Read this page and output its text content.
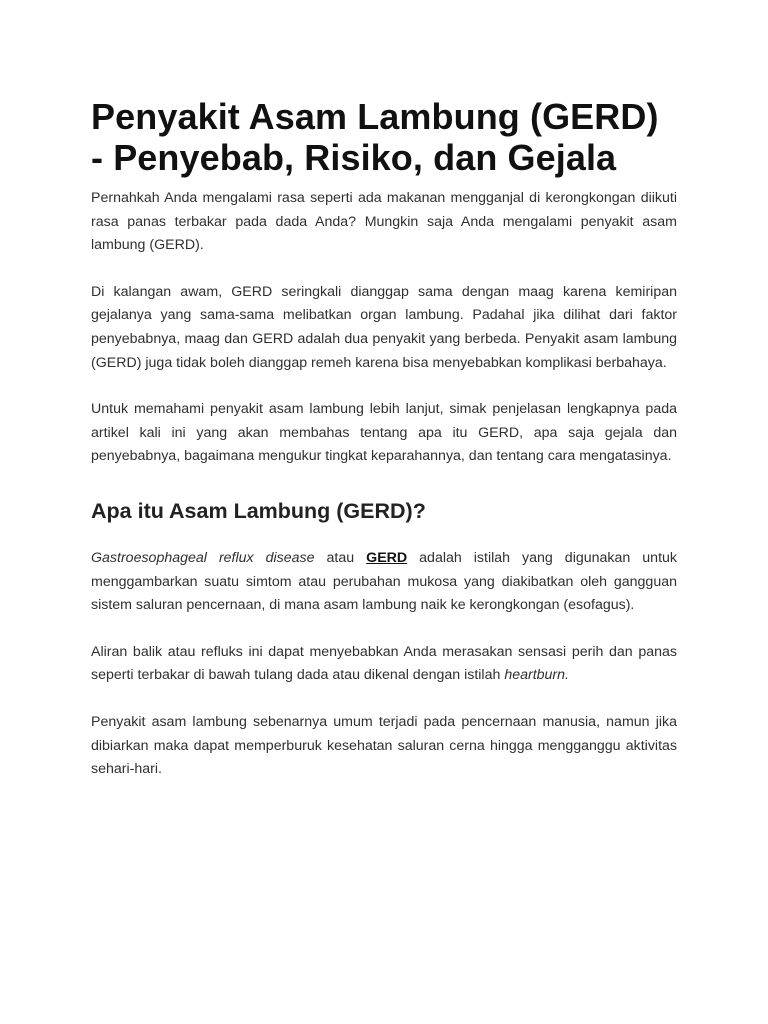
Penyakit Asam Lambung (GERD) - Penyebab, Risiko, dan Gejala

Pernahkah Anda mengalami rasa seperti ada makanan mengganjal di kerongkongan diikuti rasa panas terbakar pada dada Anda? Mungkin saja Anda mengalami penyakit asam lambung (GERD).

Di kalangan awam, GERD seringkali dianggap sama dengan maag karena kemiripan gejalanya yang sama-sama melibatkan organ lambung. Padahal jika dilihat dari faktor penyebabnya, maag dan GERD adalah dua penyakit yang berbeda. Penyakit asam lambung (GERD) juga tidak boleh dianggap remeh karena bisa menyebabkan komplikasi berbahaya.

Untuk memahami penyakit asam lambung lebih lanjut, simak penjelasan lengkapnya pada artikel kali ini yang akan membahas tentang apa itu GERD, apa saja gejala dan penyebabnya, bagaimana mengukur tingkat keparahannya, dan tentang cara mengatasinya.

Apa itu Asam Lambung (GERD)?

Gastroesophageal reflux disease atau GERD adalah istilah yang digunakan untuk menggambarkan suatu simtom atau perubahan mukosa yang diakibatkan oleh gangguan sistem saluran pencernaan, di mana asam lambung naik ke kerongkongan (esofagus).

Aliran balik atau refluks ini dapat menyebabkan Anda merasakan sensasi perih dan panas seperti terbakar di bawah tulang dada atau dikenal dengan istilah heartburn.

Penyakit asam lambung sebenarnya umum terjadi pada pencernaan manusia, namun jika dibiarkan maka dapat memperburuk kesehatan saluran cerna hingga mengganggu aktivitas sehari-hari.
